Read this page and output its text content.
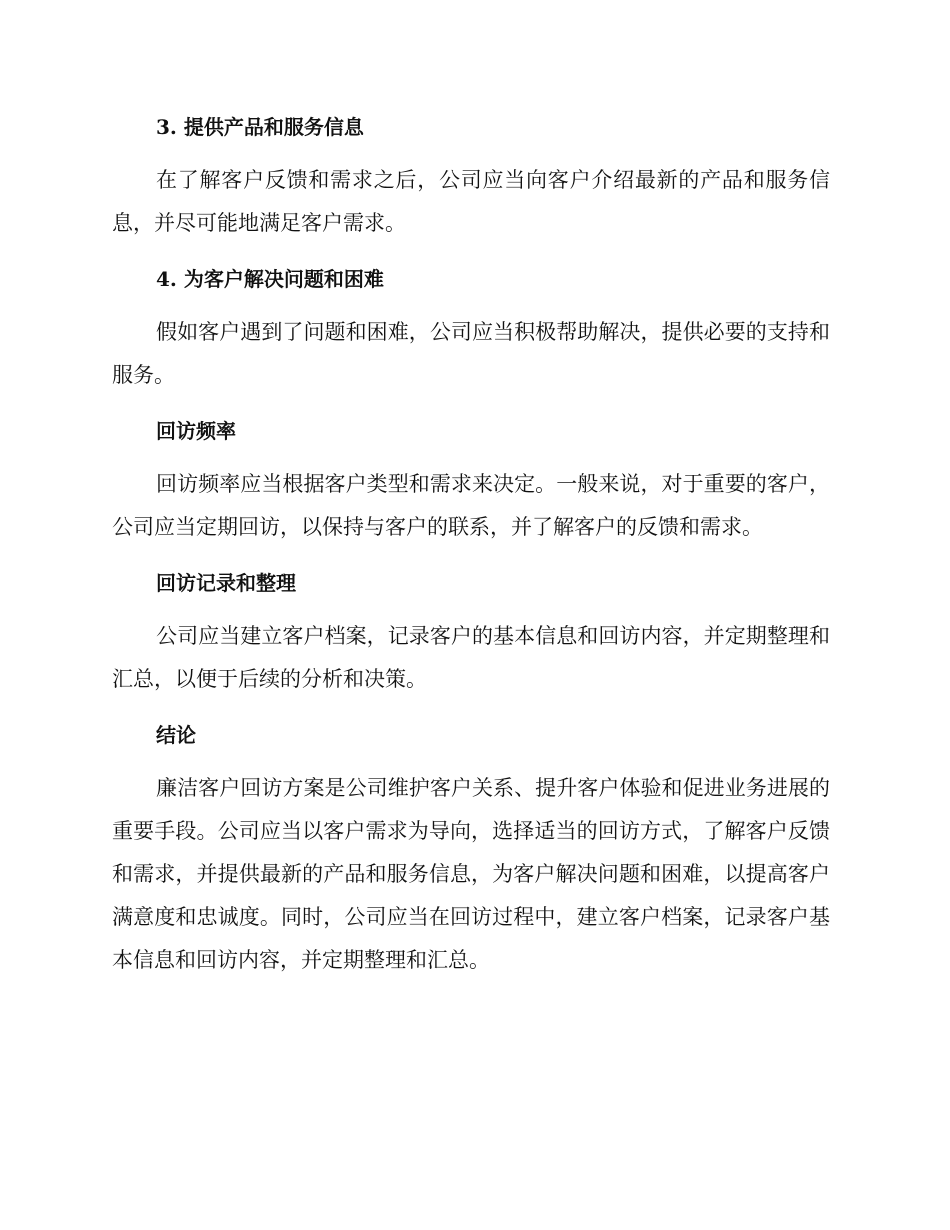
3. 提供产品和服务信息

在了解客户反馈和需求之后，公司应当向客户介绍最新的产品和服务信息，并尽可能地满足客户需求。

4. 为客户解决问题和困难

假如客户遇到了问题和困难，公司应当积极帮助解决，提供必要的支持和服务。

回访频率

回访频率应当根据客户类型和需求来决定。一般来说，对于重要的客户，公司应当定期回访，以保持与客户的联系，并了解客户的反馈和需求。

回访记录和整理

公司应当建立客户档案，记录客户的基本信息和回访内容，并定期整理和汇总，以便于后续的分析和决策。

结论

廉洁客户回访方案是公司维护客户关系、提升客户体验和促进业务进展的重要手段。公司应当以客户需求为导向，选择适当的回访方式，了解客户反馈和需求，并提供最新的产品和服务信息，为客户解决问题和困难，以提高客户满意度和忠诚度。同时，公司应当在回访过程中，建立客户档案，记录客户基本信息和回访内容，并定期整理和汇总。
